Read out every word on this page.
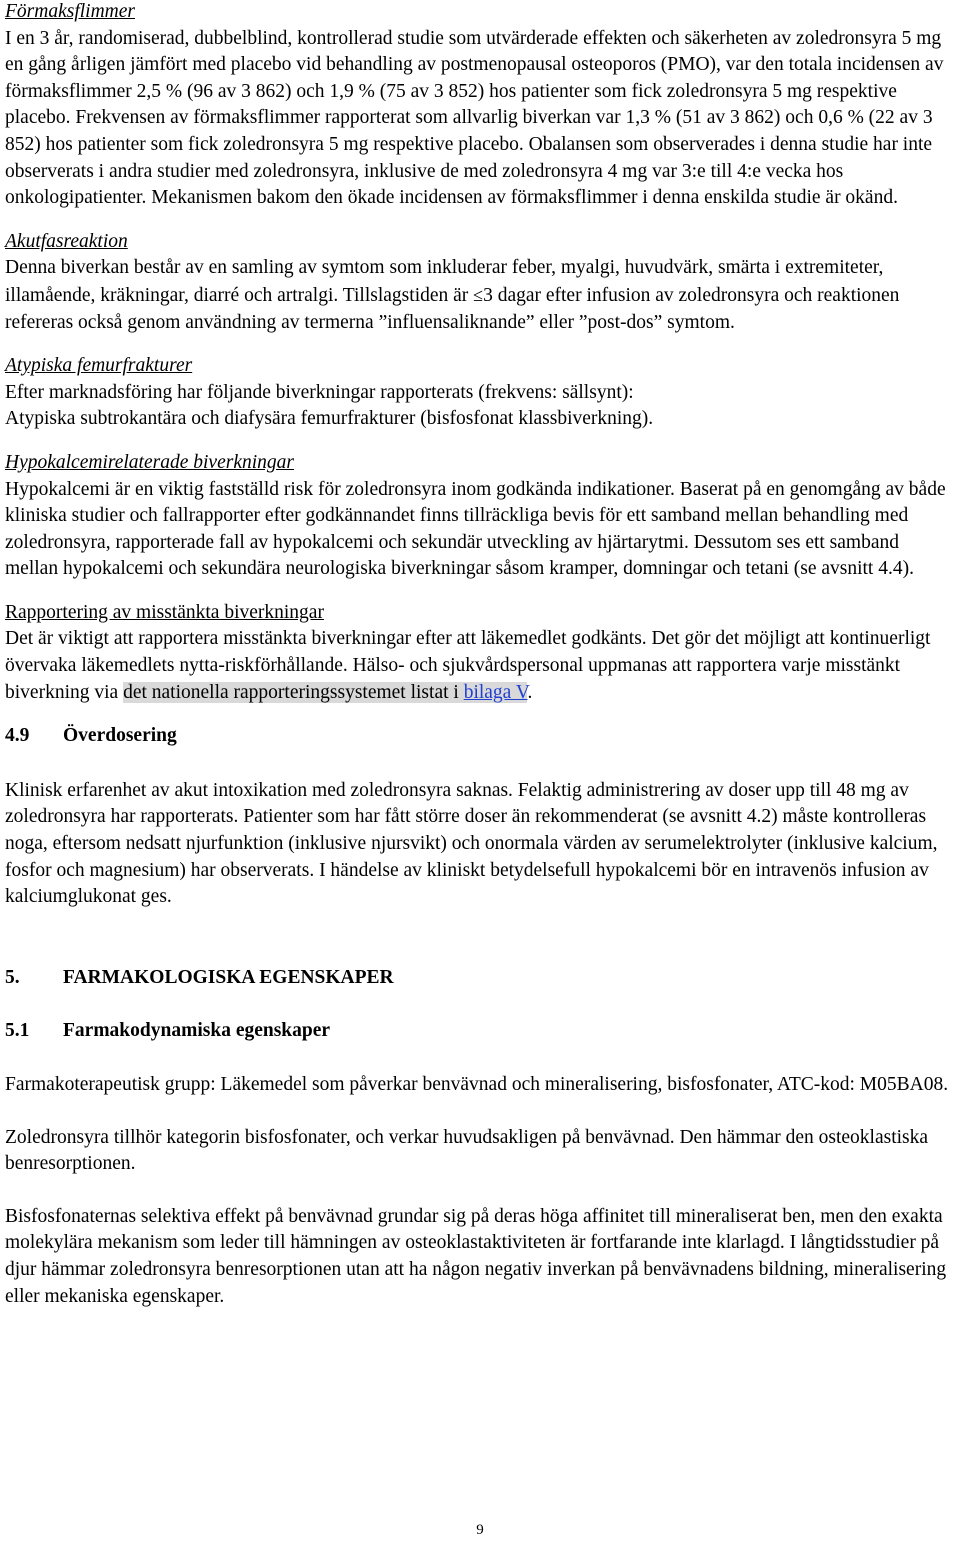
Förmaksflimmer

I en 3 år, randomiserad, dubbelblind, kontrollerad studie som utvärderade effekten och säkerheten av zoledronsyra 5 mg en gång årligen jämfört med placebo vid behandling av postmenopausal osteoporos (PMO), var den totala incidensen av förmaksflimmer 2,5 % (96 av 3 862) och 1,9 % (75 av 3 852) hos patienter som fick zoledronsyra 5 mg respektive placebo. Frekvensen av förmaksflimmer rapporterat som allvarlig biverkan var 1,3 % (51 av 3 862) och 0,6 % (22 av 3 852) hos patienter som fick zoledronsyra 5 mg respektive placebo. Obalansen som observerades i denna studie har inte observerats i andra studier med zoledronsyra, inklusive de med zoledronsyra 4 mg var 3:e till 4:e vecka hos onkologipatienter. Mekanismen bakom den ökade incidensen av förmaksflimmer i denna enskilda studie är okänd.

Akutfasreaktion

Denna biverkan består av en samling av symtom som inkluderar feber, myalgi, huvudvärk, smärta i extremiteter, illamående, kräkningar, diarré och artralgi. Tillslagstiden är ≤3 dagar efter infusion av zoledronsyra och reaktionen refereras också genom användning av termerna ”influensaliknande” eller ”post-dos” symtom.

Atypiska femurfrakturer

Efter marknadsföring har följande biverkningar rapporterats (frekvens: sällsynt):

Atypiska subtrokantära och diafysära femurfrakturer (bisfosfonat klassbiverkning).

Hypokalcemirelaterade biverkningar

Hypokalcemi är en viktig fastställd risk för zoledronsyra inom godkända indikationer. Baserat på en genomgång av både kliniska studier och fallrapporter efter godkännandet finns tillräckliga bevis för ett samband mellan behandling med zoledronsyra, rapporterade fall av hypokalcemi och sekundär utveckling av hjärtarytmi. Dessutom ses ett samband mellan hypokalcemi och sekundära neurologiska biverkningar såsom kramper, domningar och tetani (se avsnitt 4.4).

Rapportering av misstänkta biverkningar

Det är viktigt att rapportera misstänkta biverkningar efter att läkemedlet godkänts. Det gör det möjligt att kontinuerligt övervaka läkemedlets nytta-riskförhållande. Hälso- och sjukvårdspersonal uppmanas att rapportera varje misstänkt biverkning via det nationella rapporteringssystemet listat i bilaga V.

4.9	Överdosering

Klinisk erfarenhet av akut intoxikation med zoledronsyra saknas. Felaktig administrering av doser upp till 48 mg av zoledronsyra har rapporterats. Patienter som har fått större doser än rekommenderat (se avsnitt 4.2) måste kontrolleras noga, eftersom nedsatt njurfunktion (inklusive njursvikt) och onormala värden av serumelektrolyter (inklusive kalcium, fosfor och magnesium) har observerats. I händelse av kliniskt betydelsefull hypokalcemi bör en intravenös infusion av kalciumglukonat ges.

5.	FARMAKOLOGISKA EGENSKAPER
5.1	Farmakodynamiska egenskaper

Farmakoterapeutisk grupp: Läkemedel som påverkar benvävnad och mineralisering, bisfosfonater, ATC-kod: M05BA08.

Zoledronsyra tillhör kategorin bisfosfonater, och verkar huvudsakligen på benvävnad. Den hämmar den osteoklastiska benresorptionen.

Bisfosfonaternas selektiva effekt på benvävnad grundar sig på deras höga affinitet till mineraliserat ben, men den exakta molekylära mekanism som leder till hämningen av osteoklastaktiviteten är fortfarande inte klarlagd. I långtidsstudier på djur hämmar zoledronsyra benresorptionen utan att ha någon negativ inverkan på benvävnadens bildning, mineralisering eller mekaniska egenskaper.

9
